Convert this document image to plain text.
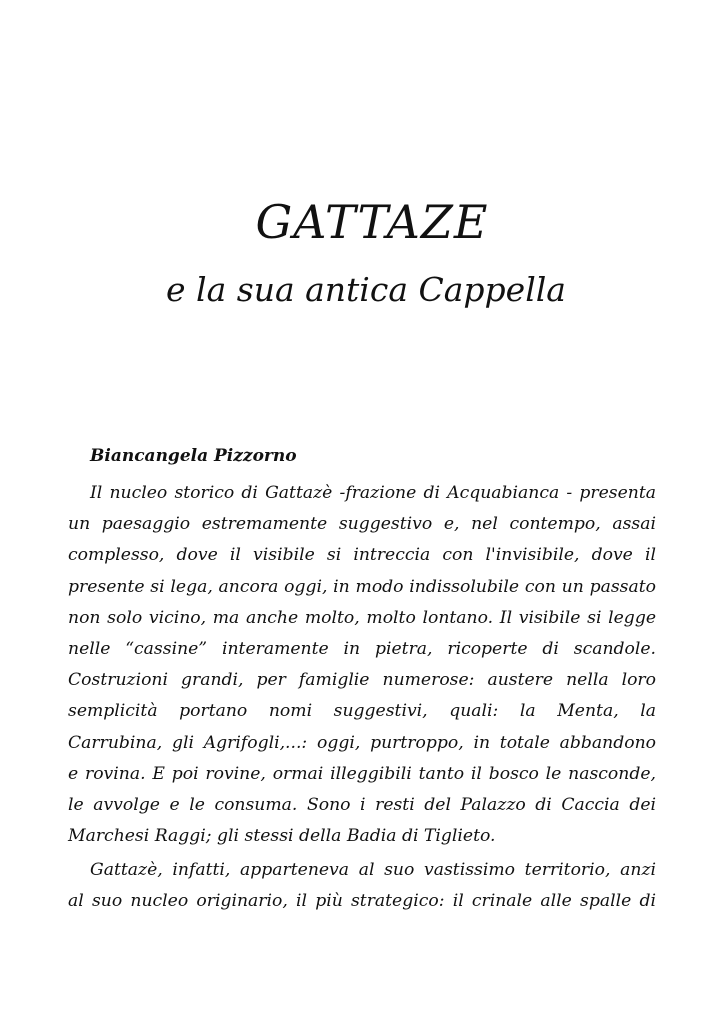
GATTAZE
e la sua antica Cappella
Biancangela Pizzorno
Il nucleo storico di Gattazè -frazione di Acquabianca - presenta
un paesaggio estremamente suggestivo e, nel contempo, assai
complesso, dove il visibile si intreccia con l'invisibile, dove il
presente si lega, ancora oggi, in modo indissolubile con un passato
non solo vicino, ma anche molto, molto lontano. Il visibile si legge
nelle “cassine” interamente in pietra, ricoperte di scandole.
Costruzioni grandi, per famiglie numerose: austere nella loro
semplicità portano nomi suggestivi, quali: la Menta, la
Carrubina, gli Agrifogli,...: oggi, purtroppo, in totale abbandono
e rovina. E poi rovine, ormai illeggibili tanto il bosco le nasconde,
le avvolge e le consuma. Sono i resti del Palazzo di Caccia dei
Marchesi Raggi; gli stessi della Badia di Tiglieto.
Gattazè, infatti, apparteneva al suo vastissimo territorio, anzi
al suo nucleo originario, il più strategico: il crinale alle spalle di
